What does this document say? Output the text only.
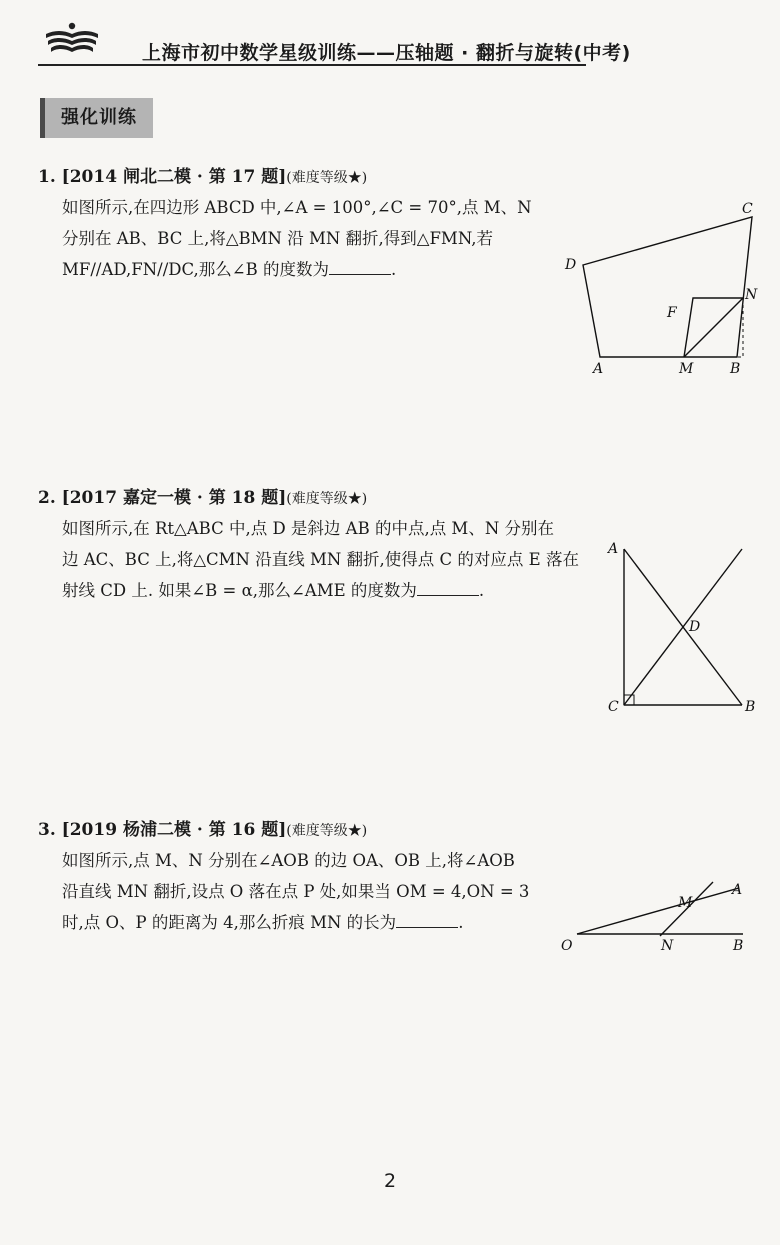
上海市初中数学星级训练——压轴题 · 翻折与旋转(中考)
强化训练
1. [2014 闸北二模 · 第 17 题](难度等级★)
如图所示,在四边形 ABCD 中,∠A = 100°,∠C = 70°,点 M、N
分别在 AB、BC 上,将△BMN 沿 MN 翻折,得到△FMN,若
MF//AD,FN//DC,那么∠B 的度数为	.	D
C
N
F
A	M	B
2. [2017 嘉定一模 · 第 18 题](难度等级★)
如图所示,在 Rt△ABC 中,点 D 是斜边 AB 的中点,点 M、N 分别在
边 AC、BC 上,将△CMN 沿直线 MN 翻折,使得点 C 的对应点 E 落在
射线 CD 上. 如果∠B = α,那么∠AME 的度数为	.
A
D
C	B
3. [2019 杨浦二模 · 第 16 题](难度等级★)
如图所示,点 M、N 分别在∠AOB 的边 OA、OB 上,将∠AOB
沿直线 MN 翻折,设点 O 落在点 P 处,如果当 OM = 4,ON = 3
时,点 O、P 的距离为 4,那么折痕 MN 的长为	.
O
A
M
N	B
2
